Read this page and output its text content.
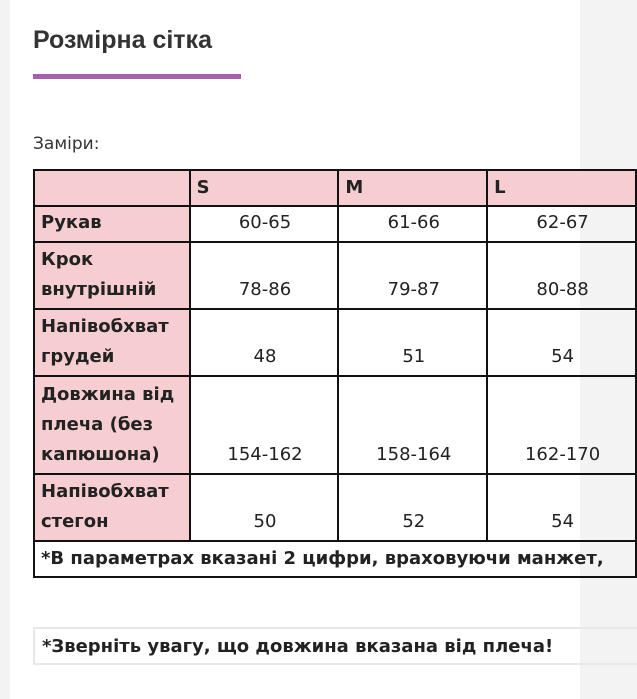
Розмірна сітка
Заміри:
	S	M	L
Рукав	60-65	61-66	62-67
Крок внутрішній	78-86	79-87	80-88
Напівобхват грудей	48	51	54
Довжина від плеча (без капюшона)	154-162	158-164	162-170
Напівобхват стегон	50	52	54
*В параметрах вказані 2 цифри, враховуючи манжет,			
*Зверніть увагу, що довжина вказана від плеча!
